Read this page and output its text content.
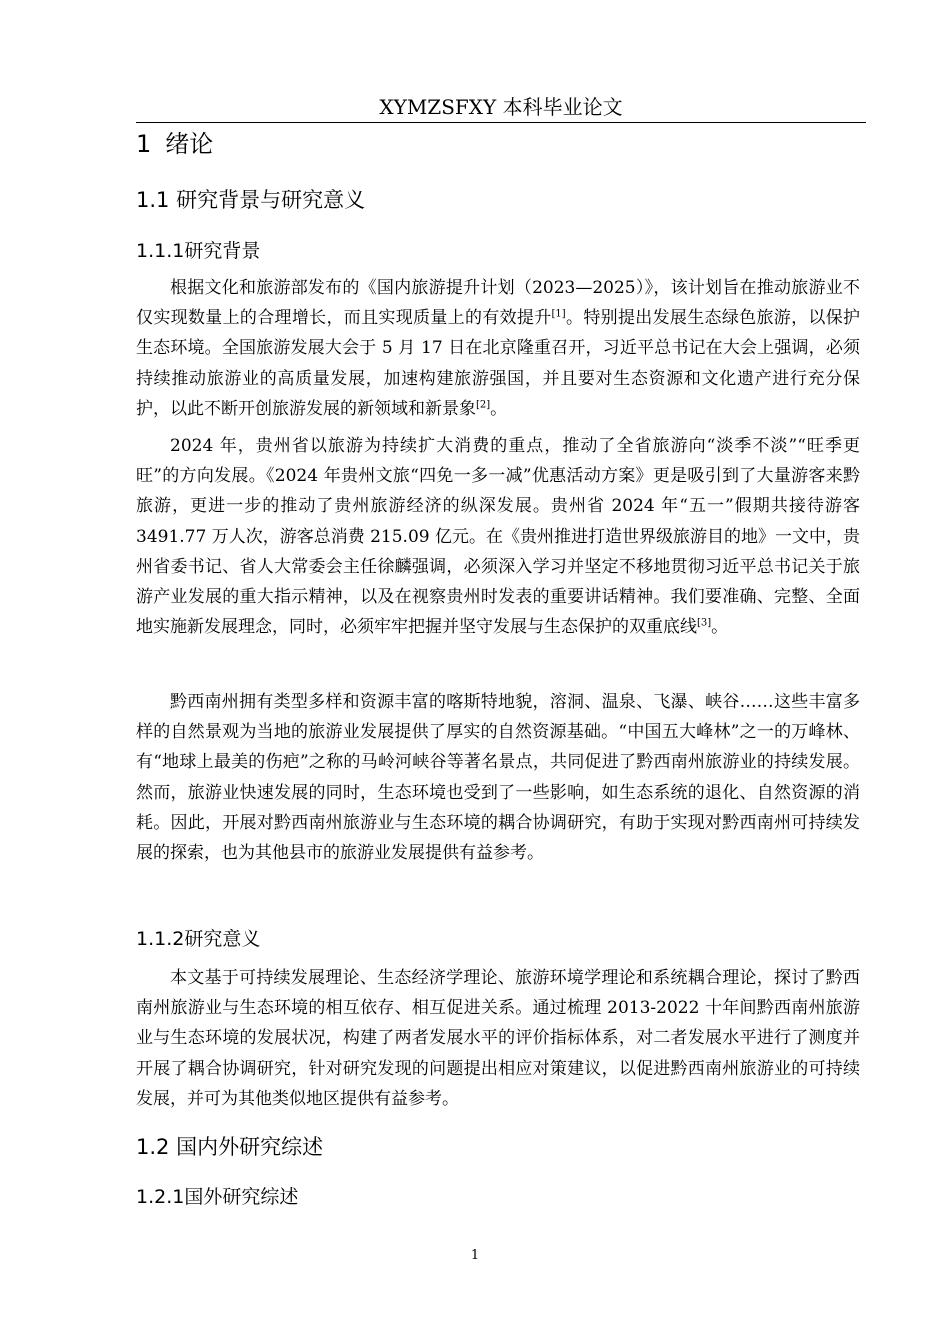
XYMZSFXY 本科毕业论文
1 绪论
1.1 研究背景与研究意义
1.1.1研究背景

根据文化和旅游部发布的《国内旅游提升计划（2023—2025）》，该计划旨在推动旅游业不仅实现数量上的合理增长，而且实现质量上的有效提升[1]。特别提出发展生态绿色旅游，以保护生态环境。全国旅游发展大会于 5 月 17 日在北京隆重召开，习近平总书记在大会上强调，必须持续推动旅游业的高质量发展，加速构建旅游强国，并且要对生态资源和文化遗产进行充分保护，以此不断开创旅游发展的新领域和新景象[2]。

2024 年，贵州省以旅游为持续扩大消费的重点，推动了全省旅游向“淡季不淡”“旺季更旺”的方向发展。《2024 年贵州文旅“四免一多一减”优惠活动方案》更是吸引到了大量游客来黔旅游，更进一步的推动了贵州旅游经济的纵深发展。贵州省 2024 年“五一”假期共接待游客 3491.77 万人次，游客总消费 215.09 亿元。在《贵州推进打造世界级旅游目的地》一文中，贵州省委书记、省人大常委会主任徐麟强调，必须深入学习并坚定不移地贯彻习近平总书记关于旅游产业发展的重大指示精神，以及在视察贵州时发表的重要讲话精神。我们要准确、完整、全面地实施新发展理念，同时，必须牢牢把握并坚守发展与生态保护的双重底线[3]。

黔西南州拥有类型多样和资源丰富的喀斯特地貌，溶洞、温泉、飞瀑、峡谷……这些丰富多样的自然景观为当地的旅游业发展提供了厚实的自然资源基础。“中国五大峰林”之一的万峰林、有“地球上最美的伤疤”之称的马岭河峡谷等著名景点，共同促进了黔西南州旅游业的持续发展。然而，旅游业快速发展的同时，生态环境也受到了一些影响，如生态系统的退化、自然资源的消耗。因此，开展对黔西南州旅游业与生态环境的耦合协调研究，有助于实现对黔西南州可持续发展的探索，也为其他县市的旅游业发展提供有益参考。

1.1.2研究意义

本文基于可持续发展理论、生态经济学理论、旅游环境学理论和系统耦合理论，探讨了黔西南州旅游业与生态环境的相互依存、相互促进关系。通过梳理 2013-2022 十年间黔西南州旅游业与生态环境的发展状况，构建了两者发展水平的评价指标体系，对二者发展水平进行了测度并开展了耦合协调研究，针对研究发现的问题提出相应对策建议，以促进黔西南州旅游业的可持续发展，并可为其他类似地区提供有益参考。

1.2 国内外研究综述
1.2.1国外研究综述
1
